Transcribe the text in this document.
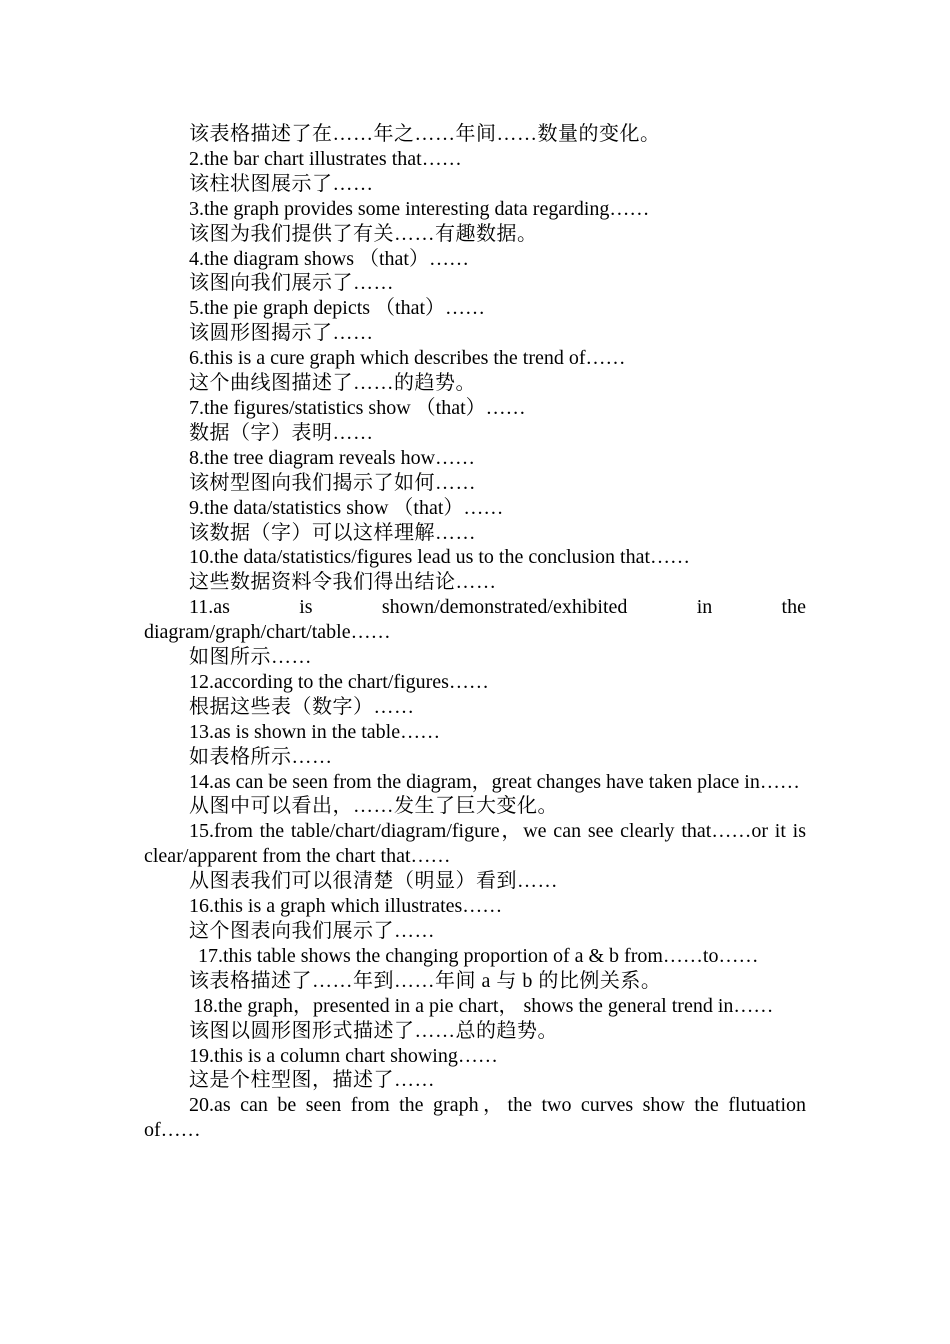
该表格描述了在……年之……年间……数量的变化。

2.the bar chart illustrates that……

该柱状图展示了……

3.the graph provides some interesting data regarding……

该图为我们提供了有关……有趣数据。

4.the diagram shows （that）……

该图向我们展示了……

5.the pie graph depicts （that）……

该圆形图揭示了……

6.this is a cure graph which describes the trend of……

这个曲线图描述了……的趋势。

7.the figures/statistics show （that）……

数据（字）表明……

8.the tree diagram reveals how……

该树型图向我们揭示了如何……

9.the data/statistics show （that）……

该数据（字）可以这样理解……

10.the data/statistics/figures lead us to the conclusion that……

这些数据资料令我们得出结论……

11.as is shown/demonstrated/exhibited in the diagram/graph/chart/table……

如图所示……

12.according to the chart/figures……

根据这些表（数字）……

13.as is shown in the table……

如表格所示……

14.as can be seen from the diagram，great changes have taken place in……

从图中可以看出，……发生了巨大变化。

15.from the table/chart/diagram/figure，we can see clearly that……or it is clear/apparent from the chart that……

从图表我们可以很清楚（明显）看到……

16.this is a graph which illustrates……

这个图表向我们展示了……

17.this table shows the changing proportion of a & b from……to……

该表格描述了……年到……年间 a 与 b 的比例关系。

18.the graph，presented in a pie chart， shows the general trend in……

该图以圆形图形式描述了……总的趋势。

19.this is a column chart showing……

这是个柱型图，描述了……

20.as can be seen from the graph，the two curves show the flutuation of……
